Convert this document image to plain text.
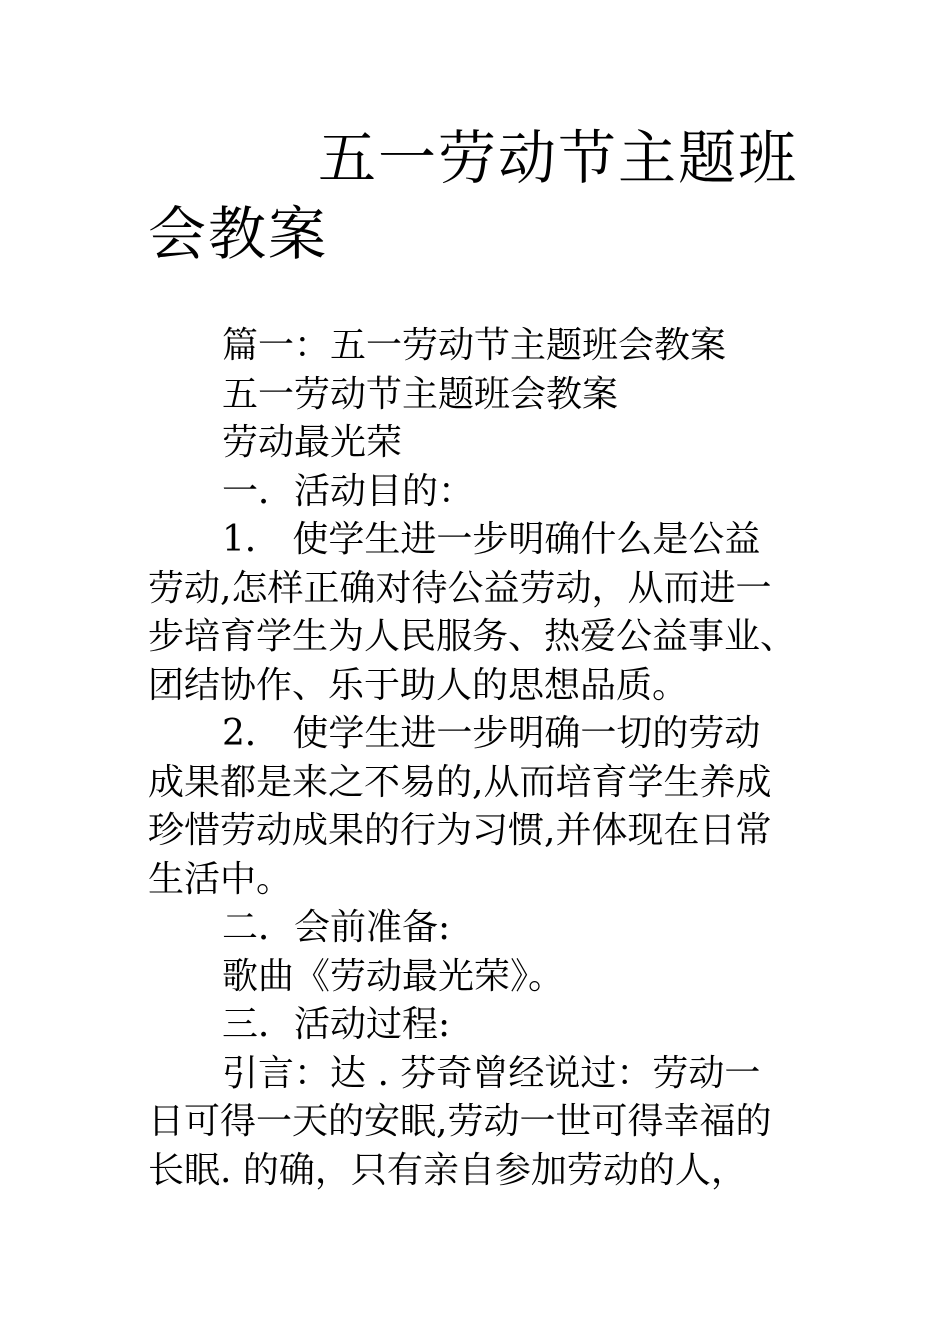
五一劳动节主题班会教案
篇一：五一劳动节主题班会教案
五一劳动节主题班会教案
劳动最光荣
一．活动目的：
1． 使学生进一步明确什么是公益
劳动,怎样正确对待公益劳动，从而进一
步培育学生为人民服务、热爱公益事业、
团结协作、乐于助人的思想品质。
2． 使学生进一步明确一切的劳动
成果都是来之不易的,从而培育学生养成
珍惜劳动成果的行为习惯,并体现在日常
生活中。
二．会前准备:
歌曲《劳动最光荣》。
三．活动过程:
引言：达 . 芬奇曾经说过：劳动一
日可得一天的安眠,劳动一世可得幸福的
长眠. 的确，只有亲自参加劳动的人，
